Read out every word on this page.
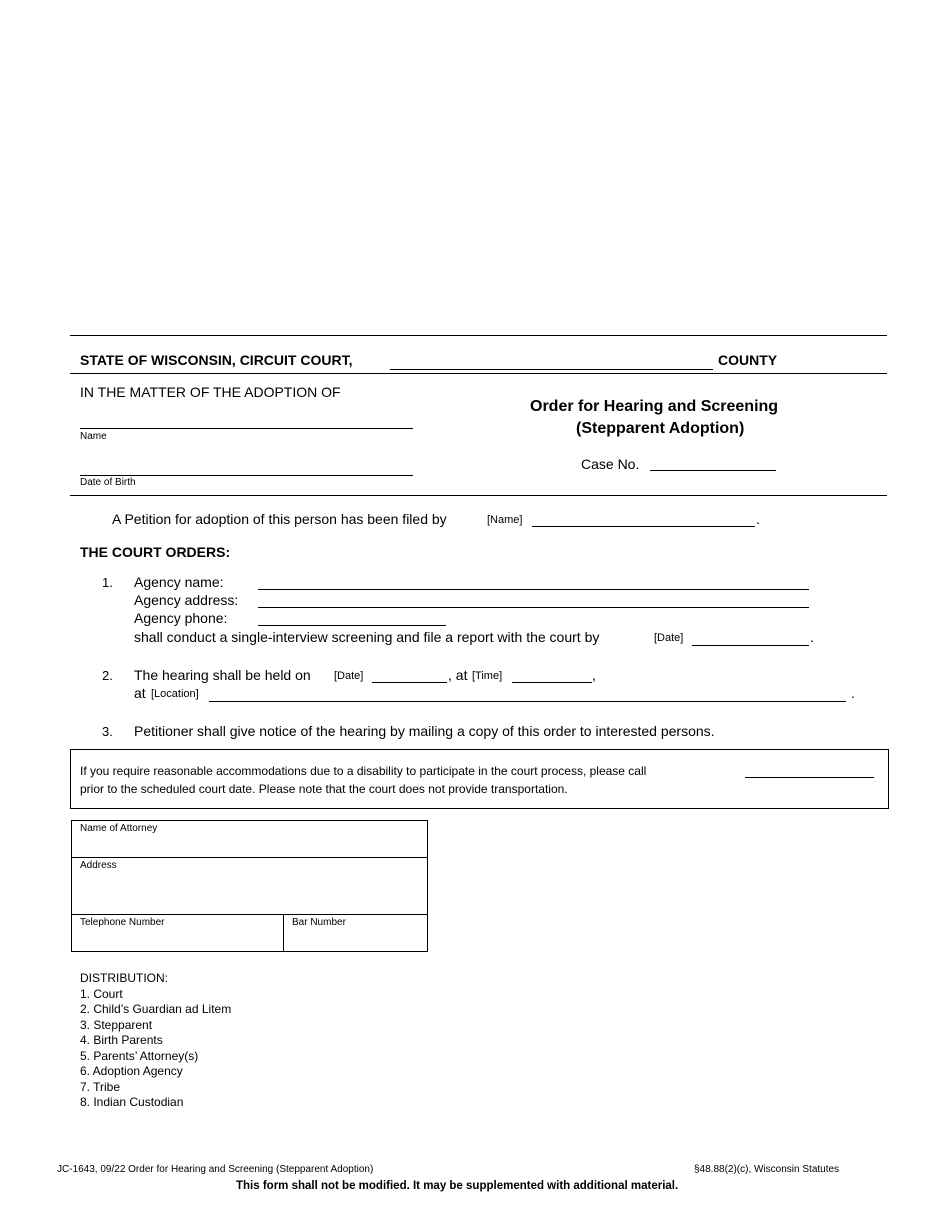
STATE OF WISCONSIN, CIRCUIT COURT,	COUNTY
IN THE MATTER OF THE ADOPTION OF
Name
Date of Birth
Order for Hearing and Screening
(Stepparent Adoption)
Case No.
A Petition for adoption of this person has been filed by	[Name]	.
THE COURT ORDERS:
1. Agency name:
Agency address:
Agency phone:
shall conduct a single-interview screening and file a report with the court by	[Date]	.
2. The hearing shall be held on [Date]	, at [Time]	,
at [Location]	.
3. Petitioner shall give notice of the hearing by mailing a copy of this order to interested persons.
If you require reasonable accommodations due to a disability to participate in the court process, please call
prior to the scheduled court date. Please note that the court does not provide transportation.
Name of Attorney
Address
Telephone Number	Bar Number
DISTRIBUTION:
1. Court
2. Child’s Guardian ad Litem
3. Stepparent
4. Birth Parents
5. Parents’ Attorney(s)
6. Adoption Agency
7. Tribe
8. Indian Custodian
JC-1643, 09/22 Order for Hearing and Screening (Stepparent Adoption)	§48.88(2)(c), Wisconsin Statutes
This form shall not be modified. It may be supplemented with additional material.
